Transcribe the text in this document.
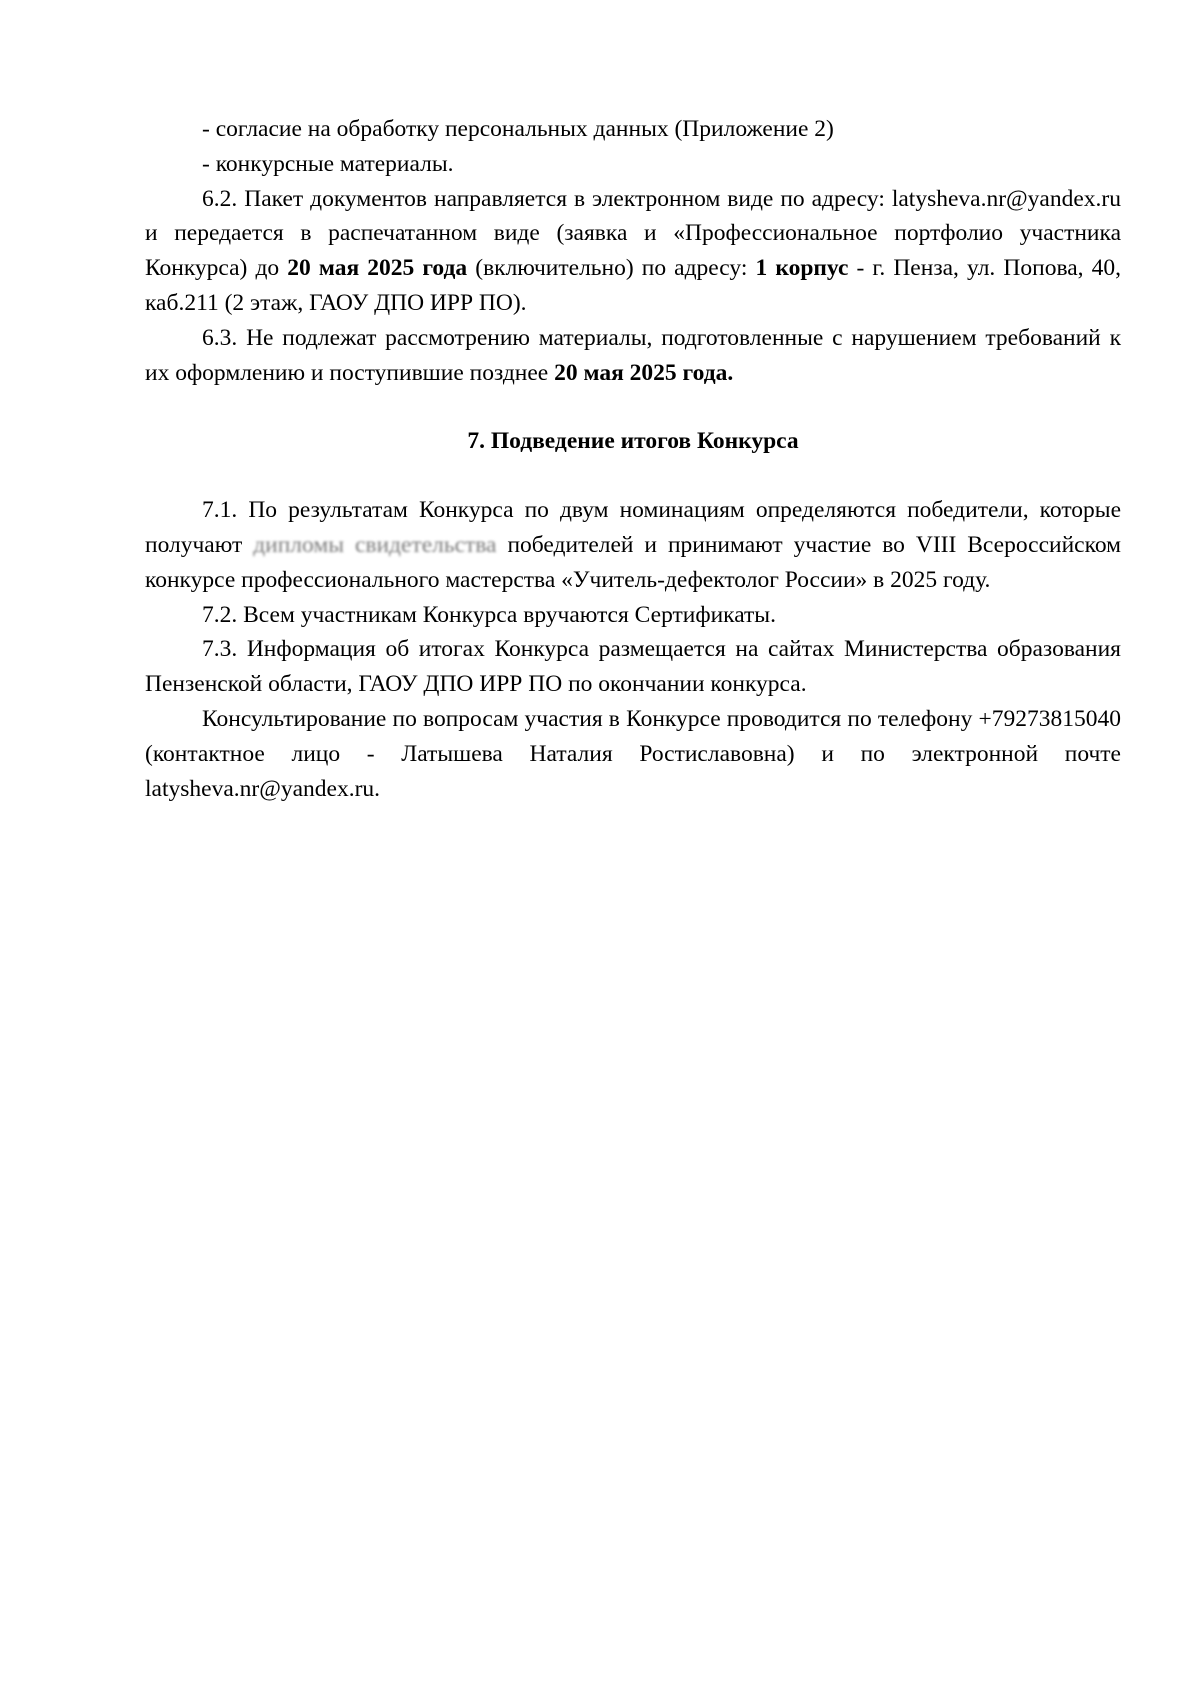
- согласие на обработку персональных данных (Приложение 2)

- конкурсные материалы.

6.2. Пакет документов направляется в электронном виде по адресу: latysheva.nr@yandex.ru и передается в распечатанном виде (заявка и «Профессиональное портфолио участника Конкурса) до 20 мая 2025 года (включительно) по адресу: 1 корпус - г. Пенза, ул. Попова, 40, каб.211 (2 этаж, ГАОУ ДПО ИРР ПО).

6.3. Не подлежат рассмотрению материалы, подготовленные с нарушением требований к их оформлению и поступившие позднее 20 мая 2025 года.

7. Подведение итогов Конкурса

7.1. По результатам Конкурса по двум номинациям определяются победители, которые получают дипломы свидетельства победителей и принимают участие во VIII Всероссийском конкурсе профессионального мастерства «Учитель-дефектолог России» в 2025 году.

7.2. Всем участникам Конкурса вручаются Сертификаты.

7.3. Информация об итогах Конкурса размещается на сайтах Министерства образования Пензенской области, ГАОУ ДПО ИРР ПО по окончании конкурса.

Консультирование по вопросам участия в Конкурсе проводится по телефону +79273815040 (контактное лицо - Латышева Наталия Ростиславовна) и по электронной почте latysheva.nr@yandex.ru.
